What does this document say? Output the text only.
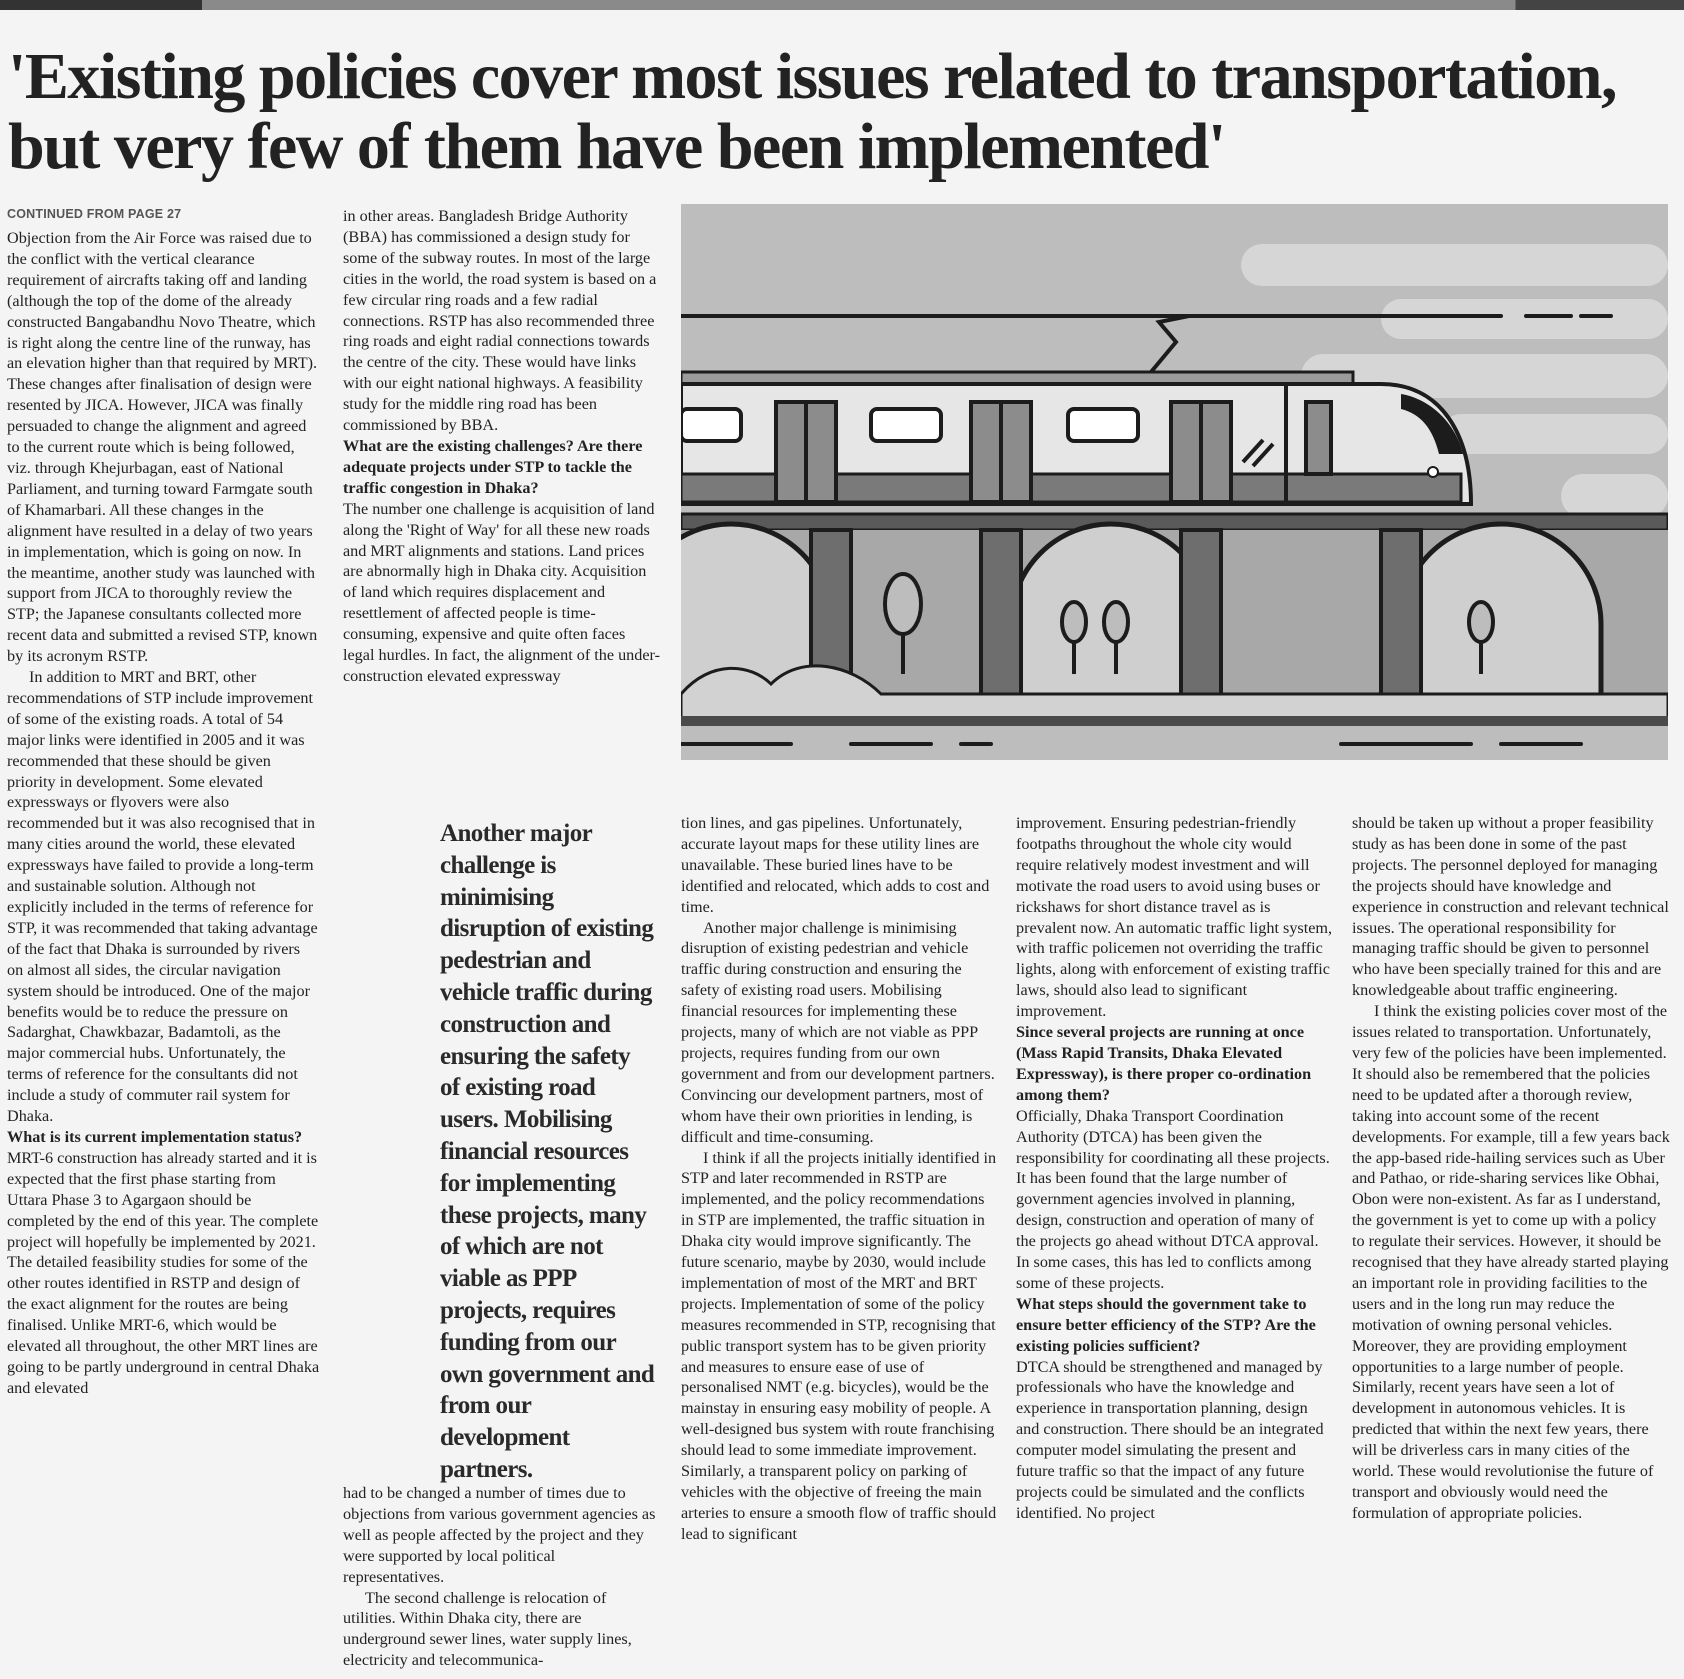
'Existing policies cover most issues related to transportation,
but very few of them have been implemented'

CONTINUED FROM PAGE 27

Objection from the Air Force was raised due to the conflict with the vertical clearance requirement of aircrafts taking off and landing (although the top of the dome of the already constructed Bangabandhu Novo Theatre, which is right along the centre line of the runway, has an elevation higher than that required by MRT). These changes after finalisation of design were resented by JICA. However, JICA was finally persuaded to change the alignment and agreed to the current route which is being followed, viz. through Khejurbagan, east of National Parliament, and turning toward Farmgate south of Khamarbari. All these changes in the alignment have resulted in a delay of two years in implementation, which is going on now. In the meantime, another study was launched with support from JICA to thoroughly review the STP; the Japanese consultants collected more recent data and submitted a revised STP, known by its acronym RSTP.

In addition to MRT and BRT, other recommendations of STP include improvement of some of the existing roads. A total of 54 major links were identified in 2005 and it was recommended that these should be given priority in development. Some elevated expressways or flyovers were also recommended but it was also recognised that in many cities around the world, these elevated expressways have failed to provide a long-term and sustainable solution. Although not explicitly included in the terms of reference for STP, it was recommended that taking advantage of the fact that Dhaka is surrounded by rivers on almost all sides, the circular navigation system should be introduced. One of the major benefits would be to reduce the pressure on Sadarghat, Chawkbazar, Badamtoli, as the major commercial hubs. Unfortunately, the terms of reference for the consultants did not include a study of commuter rail system for Dhaka.

What is its current implementation status?

MRT-6 construction has already started and it is expected that the first phase starting from Uttara Phase 3 to Agargaon should be completed by the end of this year. The complete project will hopefully be implemented by 2021. The detailed feasibility studies for some of the other routes identified in RSTP and design of the exact alignment for the routes are being finalised. Unlike MRT-6, which would be elevated all throughout, the other MRT lines are going to be partly underground in central Dhaka and elevated

in other areas. Bangladesh Bridge Authority (BBA) has commissioned a design study for some of the subway routes. In most of the large cities in the world, the road system is based on a few circular ring roads and a few radial connections. RSTP has also recommended three ring roads and eight radial connections towards the centre of the city. These would have links with our eight national highways. A feasibility study for the middle ring road has been commissioned by BBA.

What are the existing challenges? Are there adequate projects under STP to tackle the traffic congestion in Dhaka?

The number one challenge is acquisition of land along the 'Right of Way' for all these new roads and MRT alignments and stations. Land prices are abnormally high in Dhaka city. Acquisition of land which requires displacement and resettlement of affected people is time-consuming, expensive and quite often faces legal hurdles. In fact, the alignment of the under-construction elevated expressway

Another major challenge is minimising disruption of existing pedestrian and vehicle traffic during construction and ensuring the safety of existing road users. Mobilising financial resources for implementing these projects, many of which are not viable as PPP projects, requires funding from our own government and from our development partners.

had to be changed a number of times due to objections from various government agencies as well as people affected by the project and they were supported by local political representatives.

The second challenge is relocation of utilities. Within Dhaka city, there are underground sewer lines, water supply lines, electricity and telecommunica-

tion lines, and gas pipelines. Unfortunately, accurate layout maps for these utility lines are unavailable. These buried lines have to be identified and relocated, which adds to cost and time.

Another major challenge is minimising disruption of existing pedestrian and vehicle traffic during construction and ensuring the safety of existing road users. Mobilising financial resources for implementing these projects, many of which are not viable as PPP projects, requires funding from our own government and from our development partners. Convincing our development partners, most of whom have their own priorities in lending, is difficult and time-consuming.

I think if all the projects initially identified in STP and later recommended in RSTP are implemented, and the policy recommendations in STP are implemented, the traffic situation in Dhaka city would improve significantly. The future scenario, maybe by 2030, would include implementation of most of the MRT and BRT projects. Implementation of some of the policy measures recommended in STP, recognising that public transport system has to be given priority and measures to ensure ease of use of personalised NMT (e.g. bicycles), would be the mainstay in ensuring easy mobility of people. A well-designed bus system with route franchising should lead to some immediate improvement. Similarly, a transparent policy on parking of vehicles with the objective of freeing the main arteries to ensure a smooth flow of traffic should lead to significant

improvement. Ensuring pedestrian-friendly footpaths throughout the whole city would require relatively modest investment and will motivate the road users to avoid using buses or rickshaws for short distance travel as is prevalent now. An automatic traffic light system, with traffic policemen not overriding the traffic lights, along with enforcement of existing traffic laws, should also lead to significant improvement.

Since several projects are running at once (Mass Rapid Transits, Dhaka Elevated Expressway), is there proper co-ordination among them?

Officially, Dhaka Transport Coordination Authority (DTCA) has been given the responsibility for coordinating all these projects. It has been found that the large number of government agencies involved in planning, design, construction and operation of many of the projects go ahead without DTCA approval. In some cases, this has led to conflicts among some of these projects.

What steps should the government take to ensure better efficiency of the STP? Are the existing policies sufficient?

DTCA should be strengthened and managed by professionals who have the knowledge and experience in transportation planning, design and construction. There should be an integrated computer model simulating the present and future traffic so that the impact of any future projects could be simulated and the conflicts identified. No project

should be taken up without a proper feasibility study as has been done in some of the past projects. The personnel deployed for managing the projects should have knowledge and experience in construction and relevant technical issues. The operational responsibility for managing traffic should be given to personnel who have been specially trained for this and are knowledgeable about traffic engineering.

I think the existing policies cover most of the issues related to transportation. Unfortunately, very few of the policies have been implemented. It should also be remembered that the policies need to be updated after a thorough review, taking into account some of the recent developments. For example, till a few years back the app-based ride-hailing services such as Uber and Pathao, or ride-sharing services like Obhai, Obon were non-existent. As far as I understand, the government is yet to come up with a policy to regulate their services. However, it should be recognised that they have already started playing an important role in providing facilities to the users and in the long run may reduce the motivation of owning personal vehicles. Moreover, they are providing employment opportunities to a large number of people. Similarly, recent years have seen a lot of development in autonomous vehicles. It is predicted that within the next few years, there will be driverless cars in many cities of the world. These would revolutionise the future of transport and obviously would need the formulation of appropriate policies.
